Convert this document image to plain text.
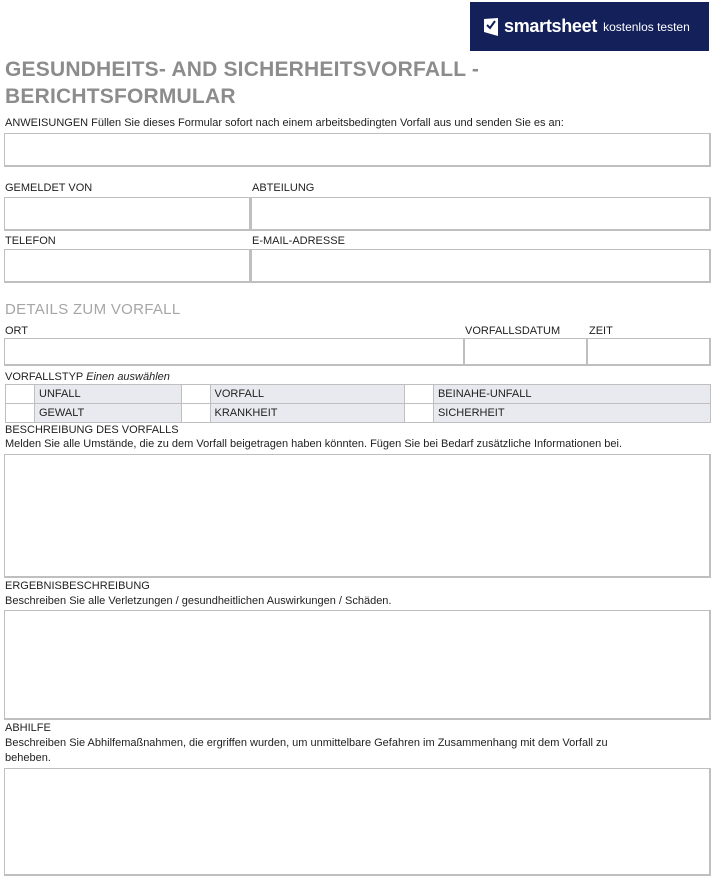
smartsheet kostenlos testen
GESUNDHEITS- AND SICHERHEITSVORFALL - BERICHTSFORMULAR
ANWEISUNGEN Füllen Sie dieses Formular sofort nach einem arbeitsbedingten Vorfall aus und senden Sie es an:
GEMELDET VON	ABTEILUNG
TELEFON	E-MAIL-ADRESSE
DETAILS ZUM VORFALL
ORT	VORFALLSDATUM	ZEIT
VORFALLSTYP Einen auswählen
	UNFALL		VORFALL		BEINAHE-UNFALL
	GEWALT		KRANKHEIT		SICHERHEIT
BESCHREIBUNG DES VORFALLS
Melden Sie alle Umstände, die zu dem Vorfall beigetragen haben könnten. Fügen Sie bei Bedarf zusätzliche Informationen bei.
ERGEBNISBESCHREIBUNG
Beschreiben Sie alle Verletzungen / gesundheitlichen Auswirkungen / Schäden.
ABHILFE
Beschreiben Sie Abhilfemaßnahmen, die ergriffen wurden, um unmittelbare Gefahren im Zusammenhang mit dem Vorfall zu
beheben.
